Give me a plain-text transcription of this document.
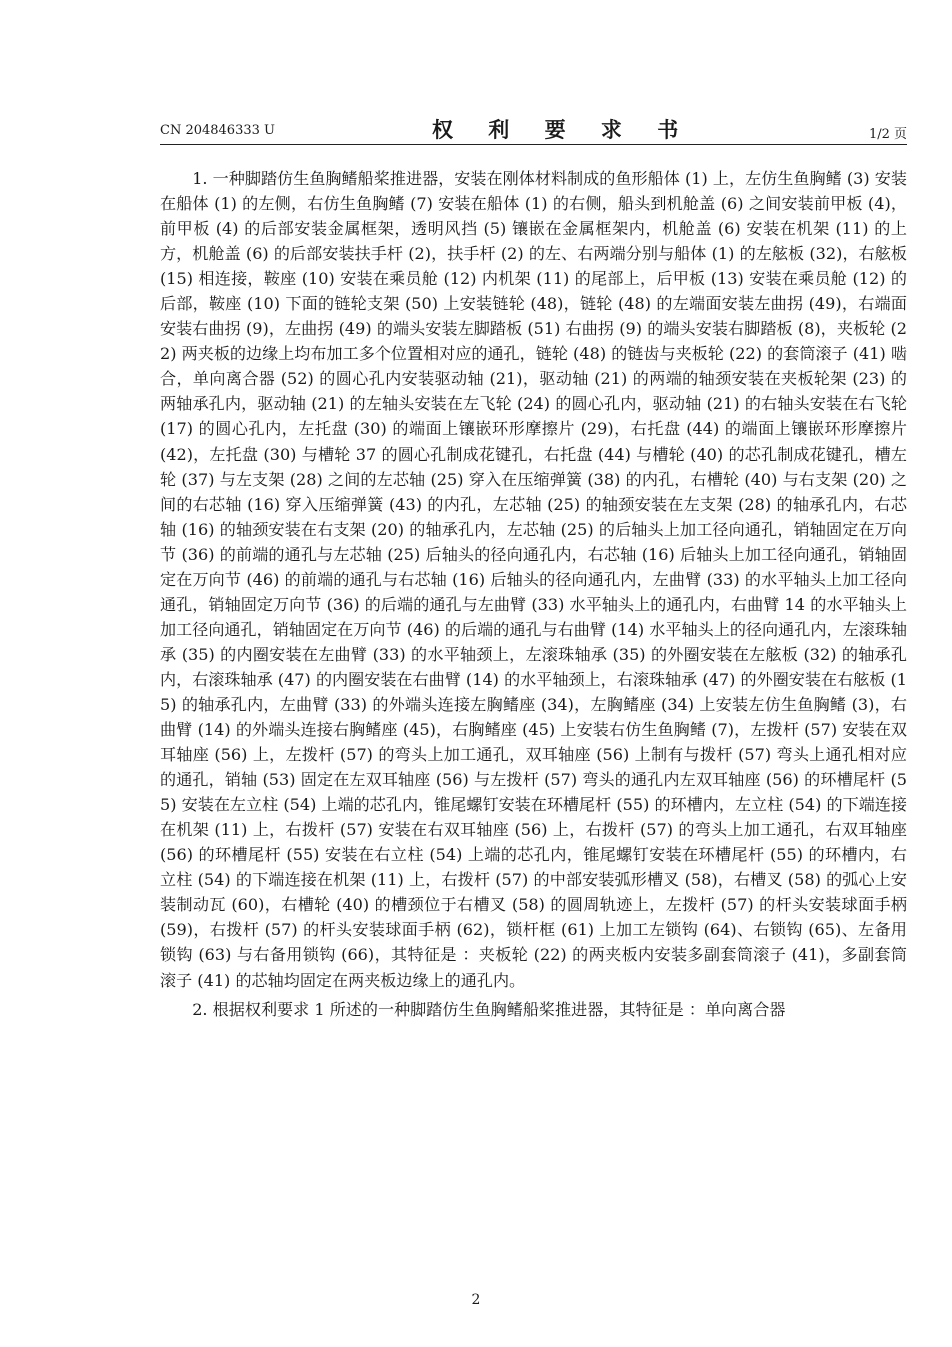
CN 204846333 U	权 利 要 求 书	1/2 页

1. 一种脚踏仿生鱼胸鳍船桨推进器，安装在刚体材料制成的鱼形船体 (1) 上，左仿生鱼胸鳍 (3) 安装在船体 (1) 的左侧，右仿生鱼胸鳍 (7) 安装在船体 (1) 的右侧，船头到机舱盖 (6) 之间安装前甲板 (4)，前甲板 (4) 的后部安装金属框架，透明风挡 (5) 镶嵌在金属框架内，机舱盖 (6) 安装在机架 (11) 的上方，机舱盖 (6) 的后部安装扶手杆 (2)，扶手杆 (2) 的左、右两端分别与船体 (1) 的左舷板 (32)，右舷板 (15) 相连接，鞍座 (10) 安装在乘员舱 (12) 内机架 (11) 的尾部上，后甲板 (13) 安装在乘员舱 (12) 的后部，鞍座 (10) 下面的链轮支架 (50) 上安装链轮 (48)，链轮 (48) 的左端面安装左曲拐 (49)，右端面安装右曲拐 (9)，左曲拐 (49) 的端头安装左脚踏板 (51) 右曲拐 (9) 的端头安装右脚踏板 (8)，夹板轮 (22) 两夹板的边缘上均布加工多个位置相对应的通孔，链轮 (48) 的链齿与夹板轮 (22) 的套筒滚子 (41) 啮合，单向离合器 (52) 的圆心孔内安装驱动轴 (21)，驱动轴 (21) 的两端的轴颈安装在夹板轮架 (23) 的两轴承孔内，驱动轴 (21) 的左轴头安装在左飞轮 (24) 的圆心孔内，驱动轴 (21) 的右轴头安装在右飞轮 (17) 的圆心孔内，左托盘 (30) 的端面上镶嵌环形摩擦片 (29)，右托盘 (44) 的端面上镶嵌环形摩擦片 (42)，左托盘 (30) 与槽轮 37 的圆心孔制成花键孔，右托盘 (44) 与槽轮 (40) 的芯孔制成花键孔，槽左轮 (37) 与左支架 (28) 之间的左芯轴 (25) 穿入在压缩弹簧 (38) 的内孔，右槽轮 (40) 与右支架 (20) 之间的右芯轴 (16) 穿入压缩弹簧 (43) 的内孔，左芯轴 (25) 的轴颈安装在左支架 (28) 的轴承孔内，右芯轴 (16) 的轴颈安装在右支架 (20) 的轴承孔内，左芯轴 (25) 的后轴头上加工径向通孔，销轴固定在万向节 (36) 的前端的通孔与左芯轴 (25) 后轴头的径向通孔内，右芯轴 (16) 后轴头上加工径向通孔，销轴固定在万向节 (46) 的前端的通孔与右芯轴 (16) 后轴头的径向通孔内，左曲臂 (33) 的水平轴头上加工径向通孔，销轴固定万向节 (36) 的后端的通孔与左曲臂 (33) 水平轴头上的通孔内，右曲臂 14 的水平轴头上加工径向通孔，销轴固定在万向节 (46) 的后端的通孔与右曲臂 (14) 水平轴头上的径向通孔内，左滚珠轴承 (35) 的内圈安装在左曲臂 (33) 的水平轴颈上，左滚珠轴承 (35) 的外圈安装在左舷板 (32) 的轴承孔内，右滚珠轴承 (47) 的内圈安装在右曲臂 (14) 的水平轴颈上，右滚珠轴承 (47) 的外圈安装在右舷板 (15) 的轴承孔内，左曲臂 (33) 的外端头连接左胸鳍座 (34)，左胸鳍座 (34) 上安装左仿生鱼胸鳍 (3)，右曲臂 (14) 的外端头连接右胸鳍座 (45)，右胸鳍座 (45) 上安装右仿生鱼胸鳍 (7)，左拨杆 (57) 安装在双耳轴座 (56) 上，左拨杆 (57) 的弯头上加工通孔，双耳轴座 (56) 上制有与拨杆 (57) 弯头上通孔相对应的通孔，销轴 (53) 固定在左双耳轴座 (56) 与左拨杆 (57) 弯头的通孔内左双耳轴座 (56) 的环槽尾杆 (55) 安装在左立柱 (54) 上端的芯孔内，锥尾螺钉安装在环槽尾杆 (55) 的环槽内，左立柱 (54) 的下端连接在机架 (11) 上，右拨杆 (57) 安装在右双耳轴座 (56) 上，右拨杆 (57) 的弯头上加工通孔，右双耳轴座 (56) 的环槽尾杆 (55) 安装在右立柱 (54) 上端的芯孔内，锥尾螺钉安装在环槽尾杆 (55) 的环槽内，右立柱 (54) 的下端连接在机架 (11) 上，右拨杆 (57) 的中部安装弧形槽叉 (58)，右槽叉 (58) 的弧心上安装制动瓦 (60)，右槽轮 (40) 的槽颈位于右槽叉 (58) 的圆周轨迹上，左拨杆 (57) 的杆头安装球面手柄 (59)，右拨杆 (57) 的杆头安装球面手柄 (62)，锁杆框 (61) 上加工左锁钩 (64)、右锁钩 (65)、左备用锁钩 (63) 与右备用锁钩 (66)，其特征是 ：夹板轮 (22) 的两夹板内安装多副套筒滚子 (41)，多副套筒滚子 (41) 的芯轴均固定在两夹板边缘上的通孔内。

2. 根据权利要求 1 所述的一种脚踏仿生鱼胸鳍船桨推进器，其特征是 ：单向离合器

2
